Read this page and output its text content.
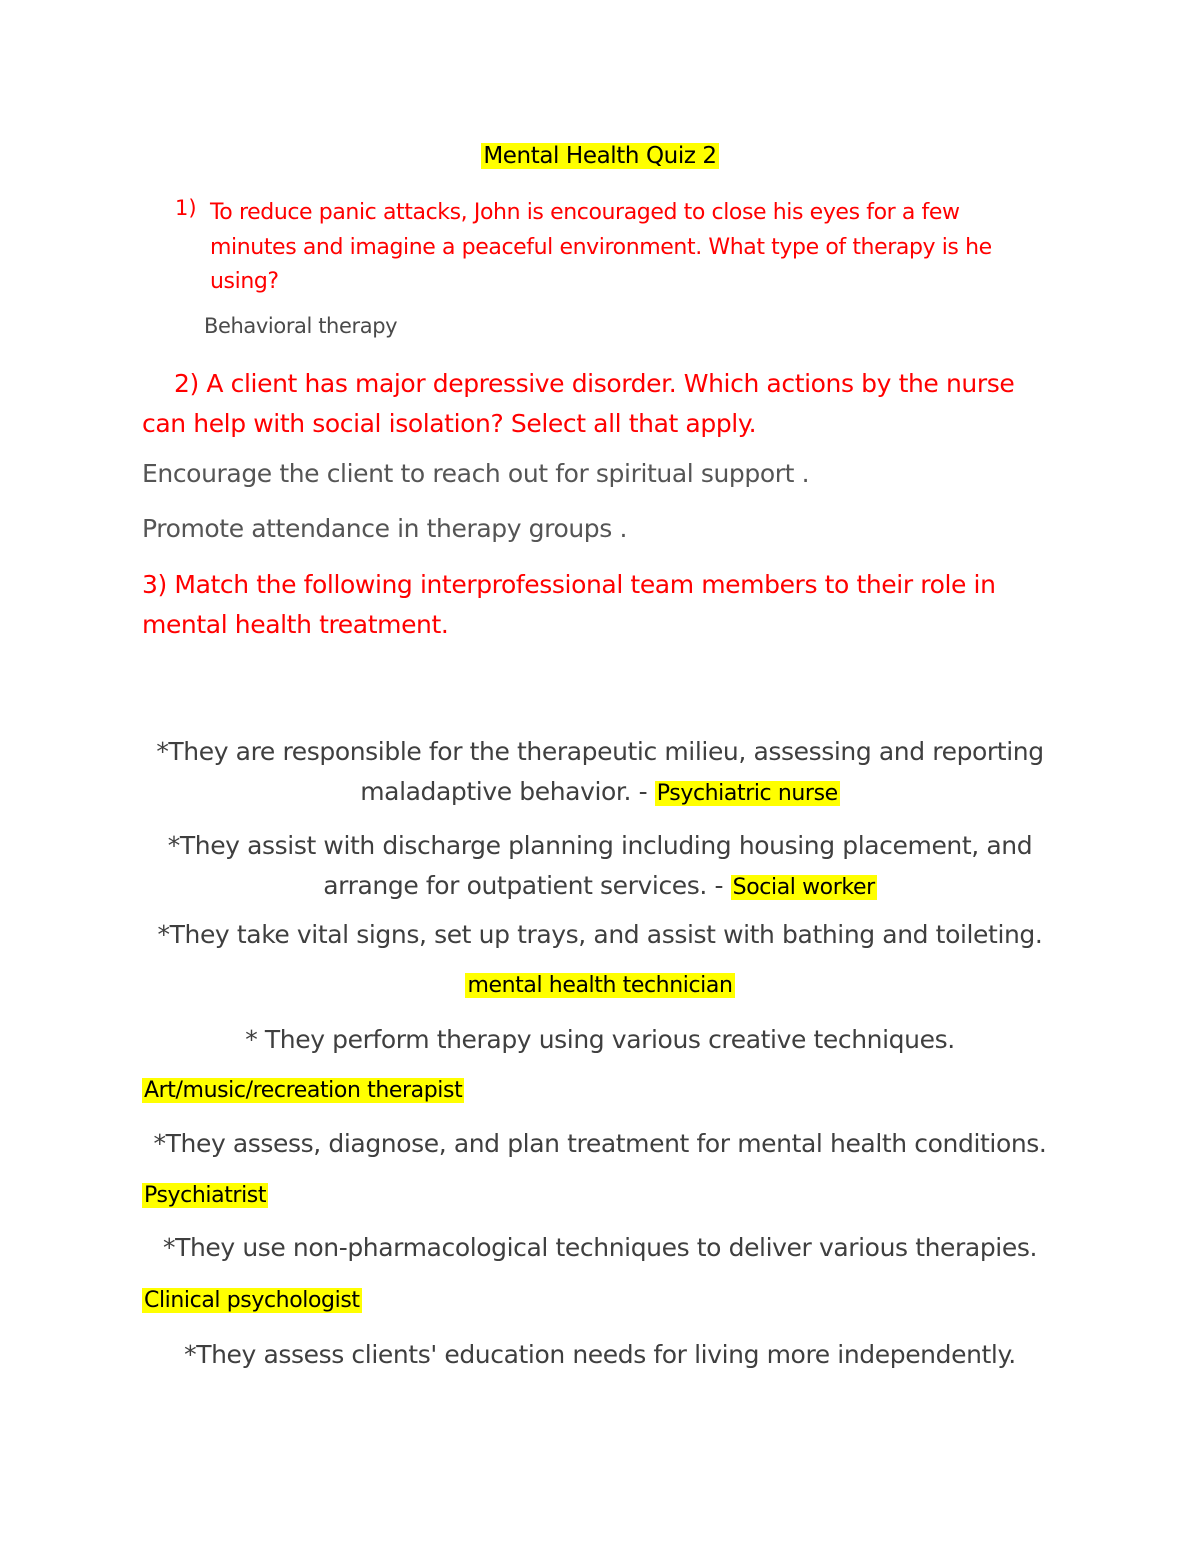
Mental Health Quiz 2
1) To reduce panic attacks, John is encouraged to close his eyes for a few minutes and imagine a peaceful environment. What type of therapy is he using?
Behavioral therapy
2) A client has major depressive disorder. Which actions by the nurse can help with social isolation? Select all that apply.
Encourage the client to reach out for spiritual support .
Promote attendance in therapy groups .
3) Match the following interprofessional team members to their role in mental health treatment.
*They are responsible for the therapeutic milieu, assessing and reporting
maladaptive behavior. - Psychiatric nurse
*They assist with discharge planning including housing placement, and
arrange for outpatient services. - Social worker
*They take vital signs, set up trays, and assist with bathing and toileting.
mental health technician
* They perform therapy using various creative techniques.
Art/music/recreation therapist
*They assess, diagnose, and plan treatment for mental health conditions.
Psychiatrist
*They use non-pharmacological techniques to deliver various therapies.
Clinical psychologist
*They assess clients' education needs for living more independently.
